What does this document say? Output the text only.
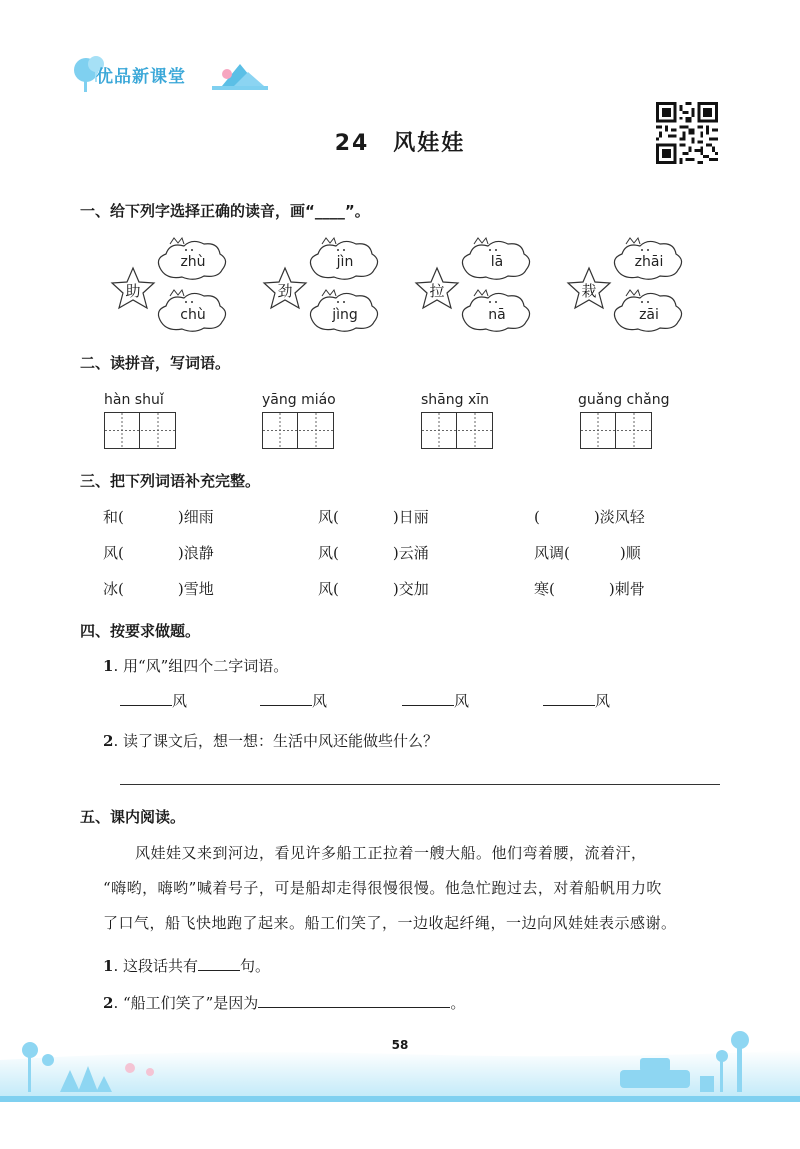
优品新课堂
24　风娃娃
一、给下列字选择正确的读音，画“____”。
助
zhù
chù
劲
jìn
jìng
拉
lā
nā
栽
zhāi
zāi
二、读拼音，写词语。
hàn shuǐ	yāng miáo	shāng xīn	guǎng chǎng
三、把下列词语补充完整。
和(	)细雨	风(	)日丽	(	)淡风轻
风(	)浪静	风(	)云涌	风调(	)顺
冰(	)雪地	风(	)交加	寒(	)刺骨
四、按要求做题。
1. 用“风”组四个二字词语。
风	风	风	风
2. 读了课文后，想一想：生活中风还能做些什么？
五、课内阅读。
风娃娃又来到河边，看见许多船工正拉着一艘大船。他们弯着腰，流着汗，
“嗨哟，嗨哟”喊着号子，可是船却走得很慢很慢。他急忙跑过去，对着船帆用力吹
了口气，船飞快地跑了起来。船工们笑了，一边收起纤绳，一边向风娃娃表示感谢。
1. 这段话共有	句。
2. “船工们笑了”是因为	。
58
